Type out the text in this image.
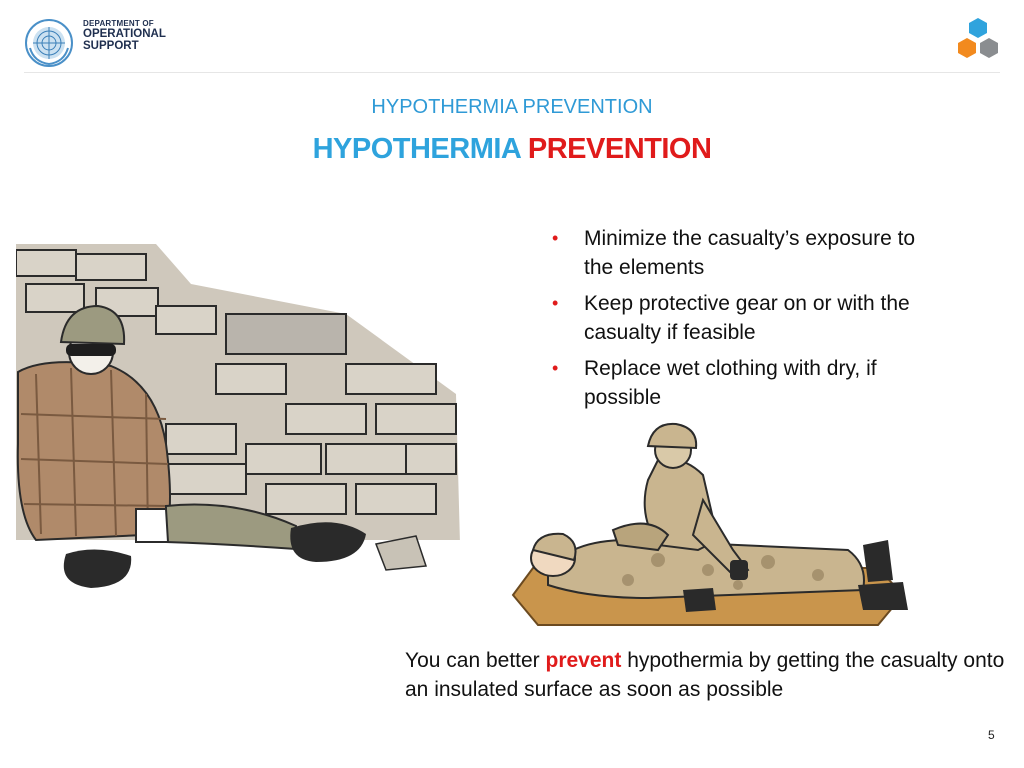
DEPARTMENT OF
OPERATIONAL
SUPPORT
HYPOTHERMIA PREVENTION
HYPOTHERMIA PREVENTION
• Minimize the casualty’s exposure to the elements
• Keep protective gear on or with the casualty if feasible
• Replace wet clothing with dry, if possible
You can better prevent hypothermia by getting the casualty onto an insulated surface as soon as possible
5
